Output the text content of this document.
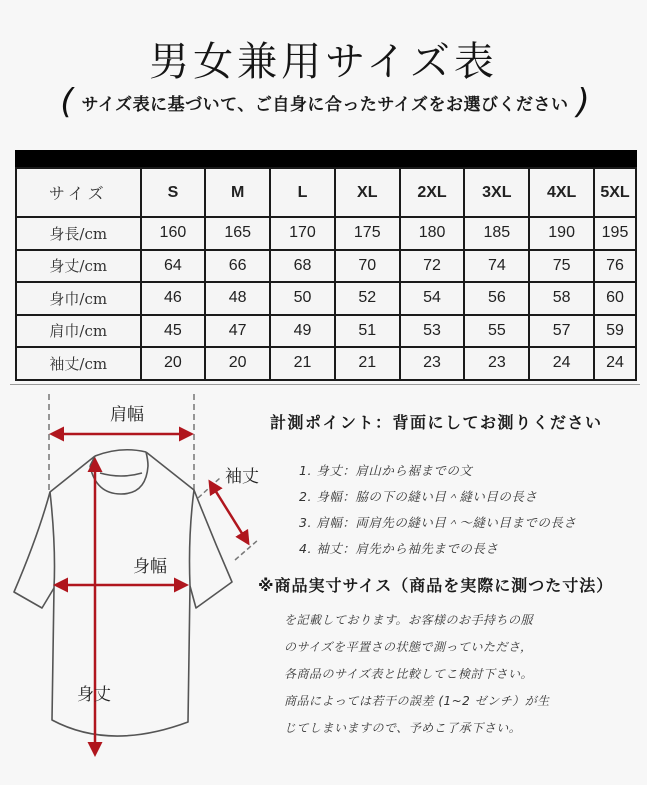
男女兼用サイズ表
( サイズ表に基づいて、ご自身に合ったサイズをお選びください )
サイズ	S	M	L	XL	2XL	3XL	4XL	5XL
身長/cm	160	165	170	175	180	185	190	195
身丈/cm	64	66	68	70	72	74	75	76
身巾/cm	46	48	50	52	54	56	58	60
肩巾/cm	45	47	49	51	53	55	57	59
袖丈/cm	20	20	21	21	23	23	24	24
肩幅
袖丈
身幅
身丈
計測ポイント：背面にしてお測りください
1. 身丈：肩山から裾までの文
2. 身幅：脇の下の縫い目＾縫い目の長さ
3. 肩幅：両肩先の縫い目＾～縫い目までの長さ
4. 袖丈：肩先から袖先までの長さ
※商品実寸サイス（商品を実際に測つた寸法）
を記載しております。お客様のお手持ちの服
のサイズを平置さの状態で測っていたださ，
各商品のサイズ表と比較してこ検討下さい。
商品によっては若干の誤差 (1~2 ゼンチ）が生
じてしまいますので、予めこ了承下さい。
